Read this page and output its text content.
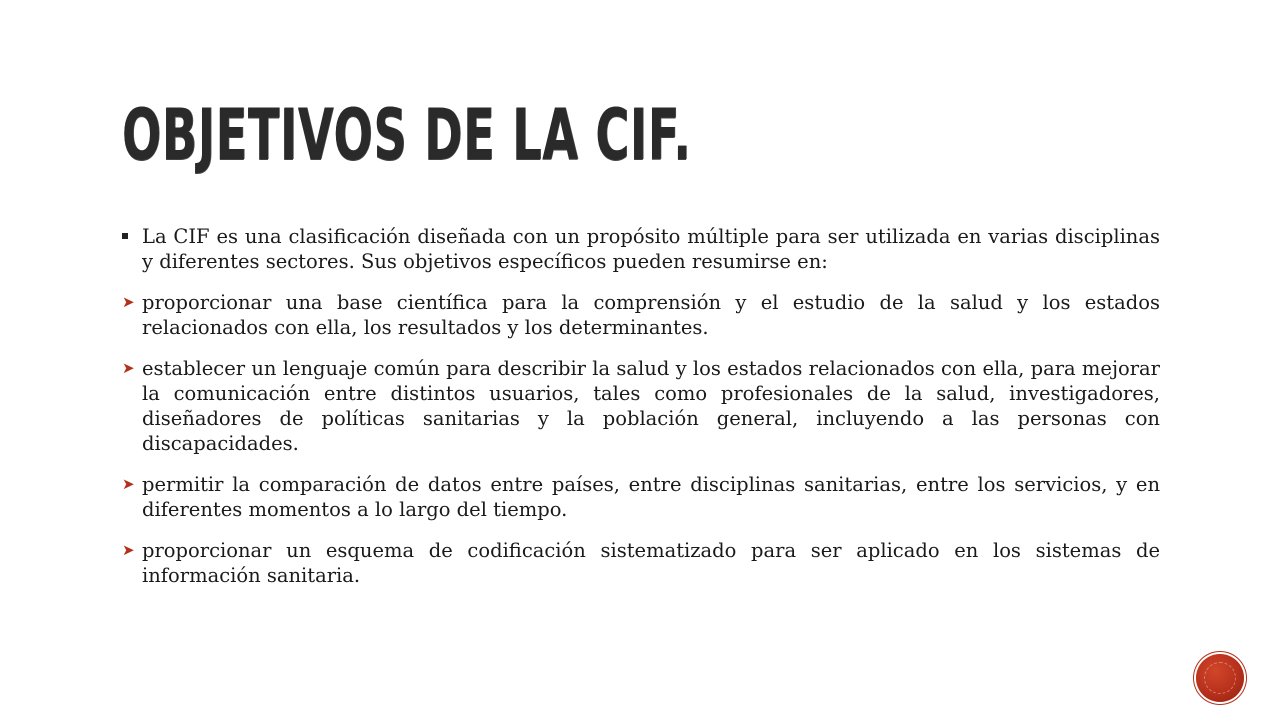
OBJETIVOS DE LA CIF.

La CIF es una clasificación diseñada con un propósito múltiple para ser utilizada en varias disciplinas y diferentes sectores. Sus objetivos específicos pueden resumirse en:

➤ proporcionar una base científica para la comprensión y el estudio de la salud y los estados relacionados con ella, los resultados y los determinantes.

➤ establecer un lenguaje común para describir la salud y los estados relacionados con ella, para mejorar la comunicación entre distintos usuarios, tales como profesionales de la salud, investigadores, diseñadores de políticas sanitarias y la población general, incluyendo a las personas con discapacidades.

➤ permitir la comparación de datos entre países, entre disciplinas sanitarias, entre los servicios, y en diferentes momentos a lo largo del tiempo.

➤ proporcionar un esquema de codificación sistematizado para ser aplicado en los sistemas de información sanitaria.
